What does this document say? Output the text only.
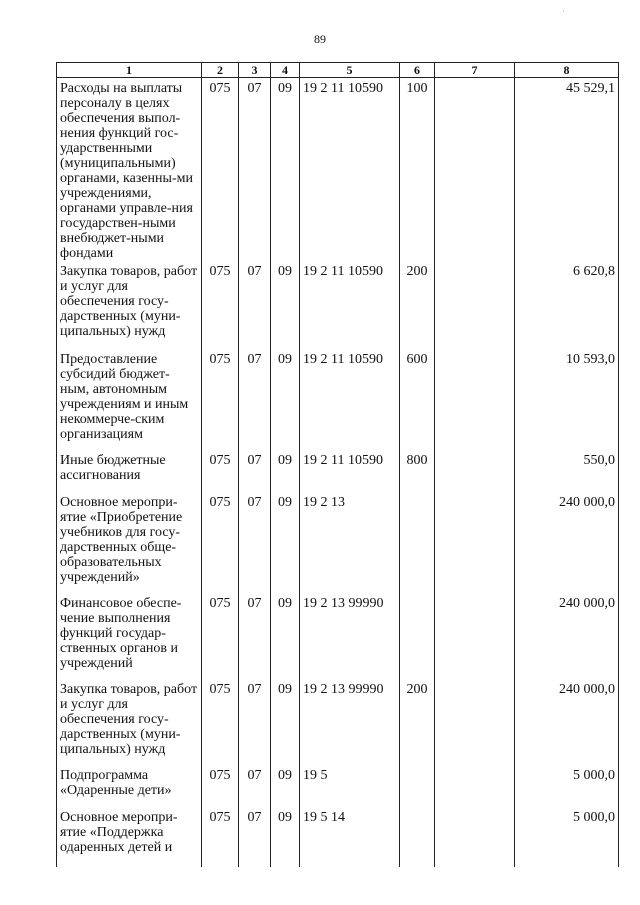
·
89
1	2	3	4	5	6	7	8
Расходы на выплаты персоналу в целях обеспечения выпол-нения функций гос-ударственными (муниципальными) органами, казенны-ми учреждениями, органами управле-ния государствен-ными внебюджет-ными фондами	075	07	09	19 2 11 10590	100		45 529,1
Закупка товаров, работ и услуг для обеспечения госу-дарственных (муни-ципальных) нужд	075	07	09	19 2 11 10590	200		6 620,8
Предоставление субсидий бюджет-ным, автономным учреждениям и иным некоммерче-ским организациям	075	07	09	19 2 11 10590	600		10 593,0
Иные бюджетные ассигнования	075	07	09	19 2 11 10590	800		550,0
Основное меропри-ятие «Приобретение учебников для госу-дарственных обще-образовательных учреждений»	075	07	09	19 2 13			240 000,0
Финансовое обеспе-чение выполнения функций государ-ственных органов и учреждений	075	07	09	19 2 13 99990			240 000,0
Закупка товаров, работ и услуг для обеспечения госу-дарственных (муни-ципальных) нужд	075	07	09	19 2 13 99990	200		240 000,0
Подпрограмма «Одаренные дети»	075	07	09	19 5			5 000,0
Основное меропри-ятие «Поддержка одаренных детей и	075	07	09	19 5 14			5 000,0
